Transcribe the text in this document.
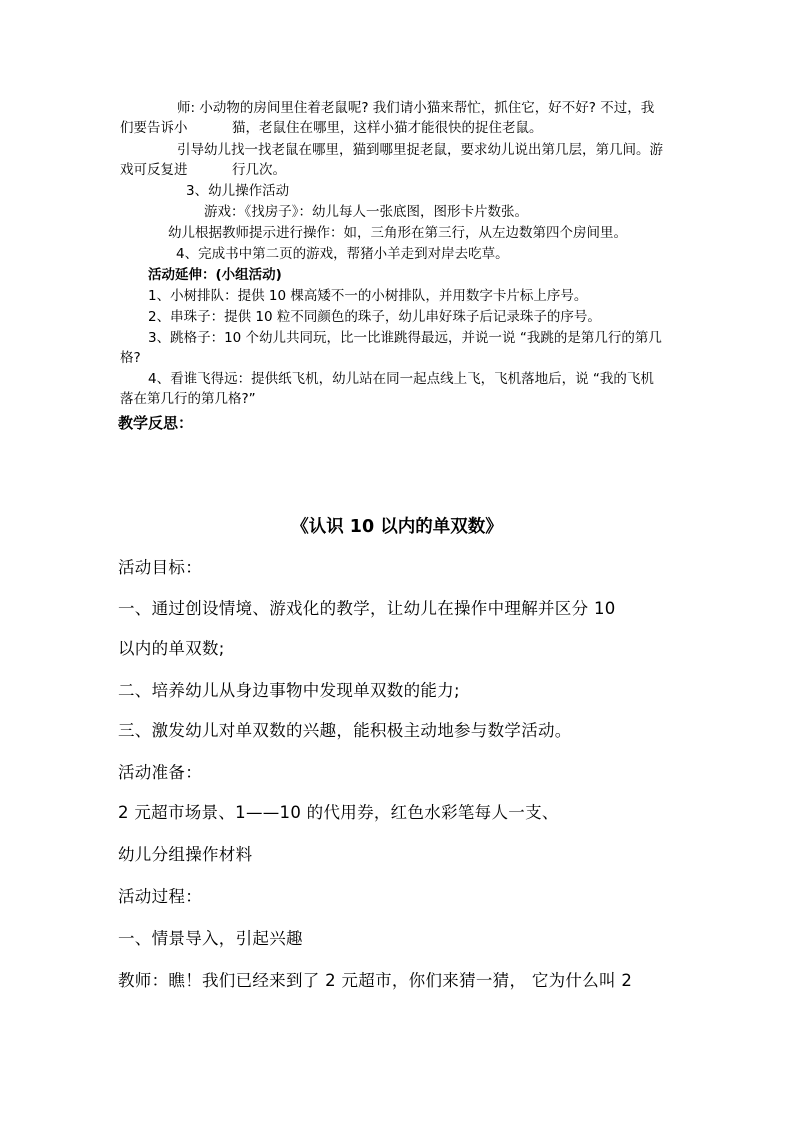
师: 小动物的房间里住着老鼠呢? 我们请小猫来帮忙，抓住它，好不好? 不过，我
们要告诉小	猫，老鼠住在哪里，这样小猫才能很快的捉住老鼠。
引导幼儿找一找老鼠在哪里，猫到哪里捉老鼠，要求幼儿说出第几层，第几间。游
戏可反复进	行几次。
3、幼儿操作活动
游戏：《找房子》：幼儿每人一张底图，图形卡片数张。
幼儿根据教师提示进行操作：如，三角形在第三行，从左边数第四个房间里。
4、完成书中第二页的游戏，帮猪小羊走到对岸去吃草。
活动延伸：(小组活动)
1、小树排队：提供 10 棵高矮不一的小树排队，并用数字卡片标上序号。
2、串珠子：提供 10 粒不同颜色的珠子，幼儿串好珠子后记录珠子的序号。
3、跳格子：10 个幼儿共同玩，比一比谁跳得最远，并说一说 “我跳的是第几行的第几
格?
4、看谁飞得远：提供纸飞机，幼儿站在同一起点线上飞，飞机落地后，说 “我的飞机
落在第几行的第几格?”
教学反思：
《认识 10 以内的单双数》
活动目标：
一、通过创设情境、游戏化的教学，让幼儿在操作中理解并区分 10
以内的单双数;
二、培养幼儿从身边事物中发现单双数的能力;
三、激发幼儿对单双数的兴趣，能积极主动地参与数学活动。
活动准备：
2 元超市场景、1——10 的代用券，红色水彩笔每人一支、
幼儿分组操作材料
活动过程：
一、情景导入，引起兴趣
教师：瞧！我们已经来到了 2 元超市，你们来猜一猜， 它为什么叫 2
